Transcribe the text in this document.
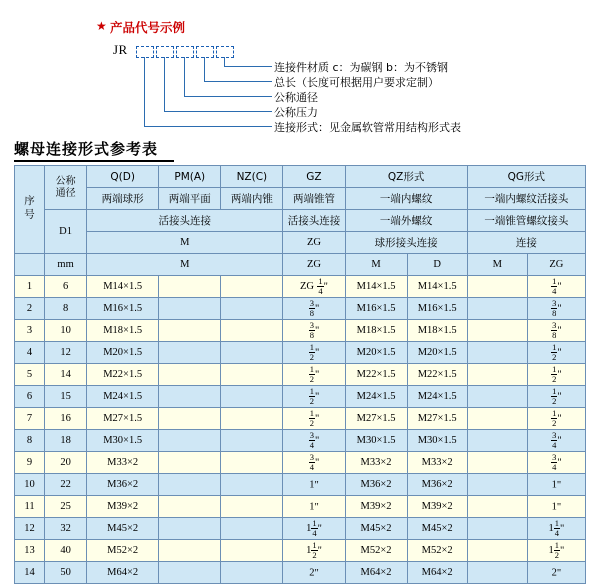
★ 产品代号示例
JR
连接件材质 c：为碳钢 b：为不锈钢
总长（长度可根据用户要求定制）
公称通径
公称压力
连接形式：见金属软管常用结构形式表
螺母连接形式参考表
序号	公称通径	Q(D)	PM(A)	NZ(C)	GZ	QZ形式		QG形式	
		两端球形	两端平面	两端内锥	两端锥管	一端内螺纹		一端内螺纹活接头	
	D1	活接头连接			活接头连接	一端外螺纹		一端锥管螺纹接头	
		M			ZG	球形接头连接		连接	
	mm	M			ZG	M	D	M	ZG
1	6	M14×1.5			ZG $\frac{1}{4}$ "	M14×1.5	M14×1.5		$\frac{1}{4}$ "
2	8	M16×1.5			$\frac{3}{8}$ "	M16×1.5	M16×1.5		$\frac{3}{8}$ "
3	10	M18×1.5			$\frac{3}{8}$ "	M18×1.5	M18×1.5		$\frac{3}{8}$ "
4	12	M20×1.5			$\frac{1}{2}$ "	M20×1.5	M20×1.5		$\frac{1}{2}$ "
5	14	M22×1.5			$\frac{1}{2}$ "	M22×1.5	M22×1.5		$\frac{1}{2}$ "
6	15	M24×1.5			$\frac{1}{2}$ "	M24×1.5	M24×1.5		$\frac{1}{2}$ "
7	16	M27×1.5			$\frac{1}{2}$ "	M27×1.5	M27×1.5		$\frac{1}{2}$ "
8	18	M30×1.5			$\frac{3}{4}$ "	M30×1.5	M30×1.5		$\frac{3}{4}$ "
9	20	M33×2			$\frac{3}{4}$ "	M33×2	M33×2		$\frac{3}{4}$ "
10	22	M36×2			1"	M36×2	M36×2		1"
11	25	M39×2			1"	M39×2	M39×2		1"
12	32	M45×2			$1 \frac{1}{4}$ "	M45×2	M45×2		$1 \frac{1}{4}$ "
13	40	M52×2			$1 \frac{1}{2}$ "	M52×2	M52×2		$1 \frac{1}{2}$ "
14	50	M64×2			2"	M64×2	M64×2		2"
